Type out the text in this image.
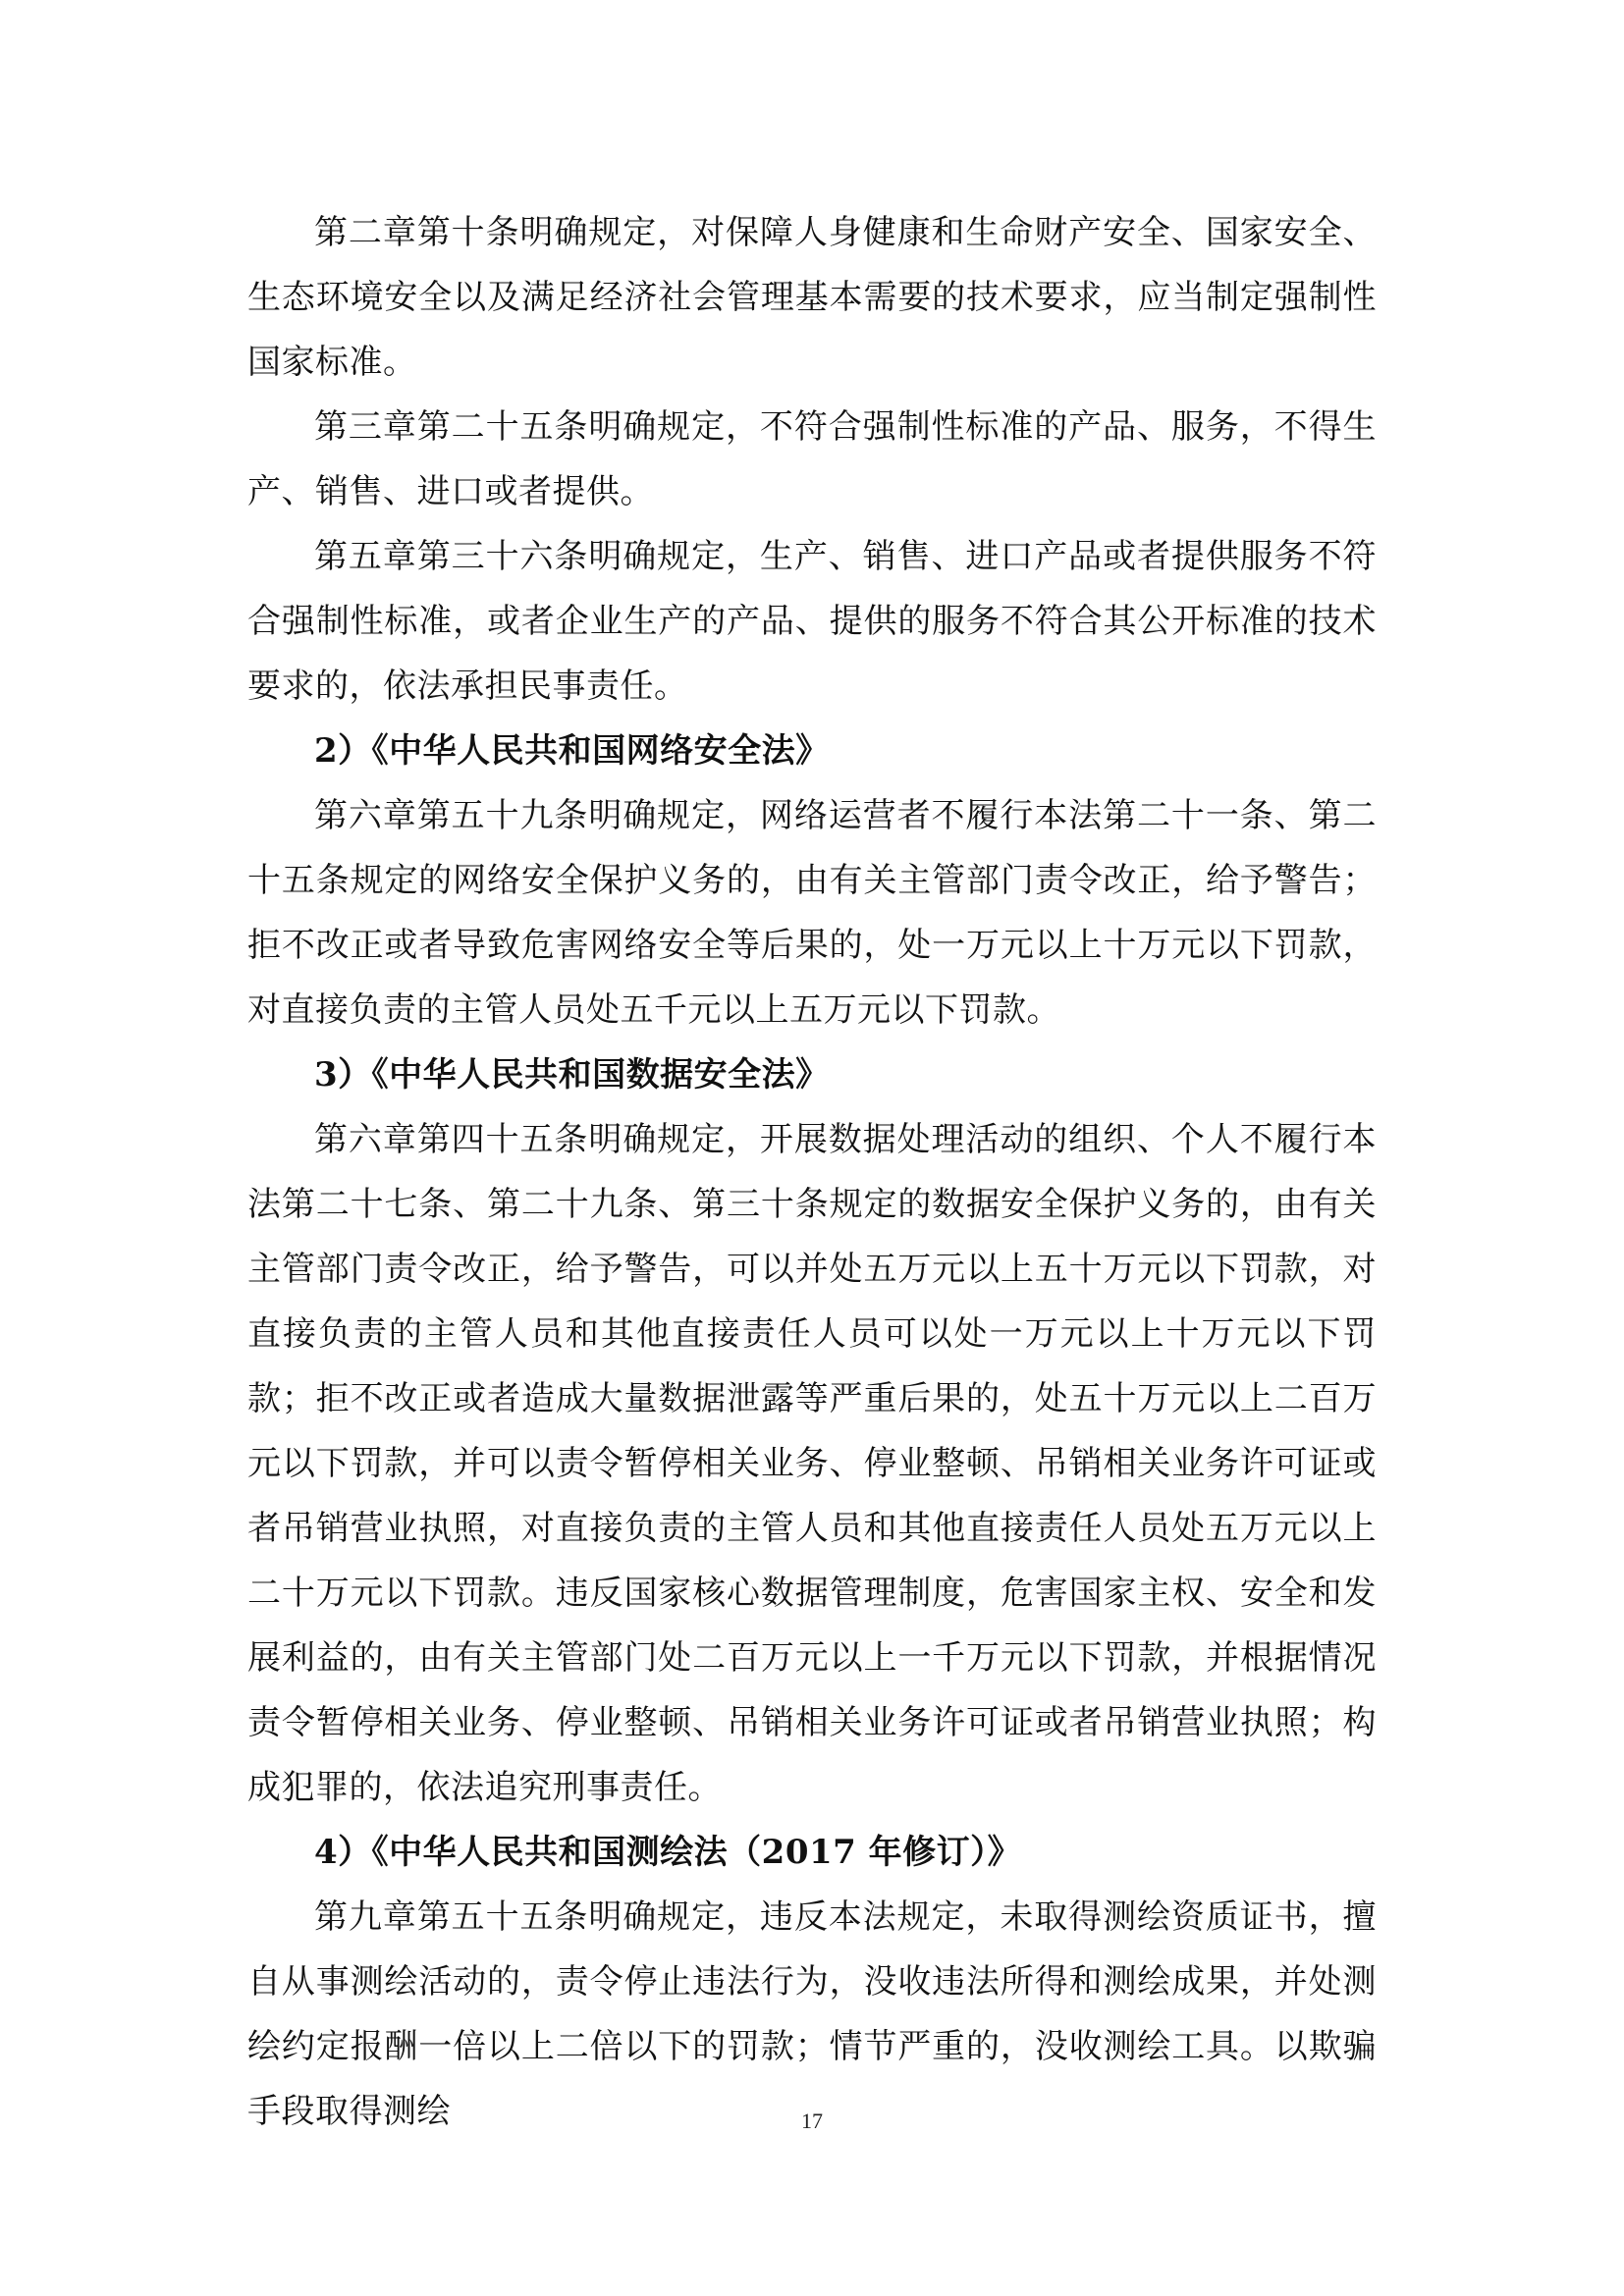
第二章第十条明确规定，对保障人身健康和生命财产安全、国家安全、生态环境安全以及满足经济社会管理基本需要的技术要求，应当制定强制性国家标准。

第三章第二十五条明确规定，不符合强制性标准的产品、服务，不得生产、销售、进口或者提供。

第五章第三十六条明确规定，生产、销售、进口产品或者提供服务不符合强制性标准，或者企业生产的产品、提供的服务不符合其公开标准的技术要求的，依法承担民事责任。

2）《中华人民共和国网络安全法》

第六章第五十九条明确规定，网络运营者不履行本法第二十一条、第二十五条规定的网络安全保护义务的，由有关主管部门责令改正，给予警告；拒不改正或者导致危害网络安全等后果的，处一万元以上十万元以下罚款，对直接负责的主管人员处五千元以上五万元以下罚款。

3）《中华人民共和国数据安全法》

第六章第四十五条明确规定，开展数据处理活动的组织、个人不履行本法第二十七条、第二十九条、第三十条规定的数据安全保护义务的，由有关主管部门责令改正，给予警告，可以并处五万元以上五十万元以下罚款，对直接负责的主管人员和其他直接责任人员可以处一万元以上十万元以下罚款；拒不改正或者造成大量数据泄露等严重后果的，处五十万元以上二百万元以下罚款，并可以责令暂停相关业务、停业整顿、吊销相关业务许可证或者吊销营业执照，对直接负责的主管人员和其他直接责任人员处五万元以上二十万元以下罚款。违反国家核心数据管理制度，危害国家主权、安全和发展利益的，由有关主管部门处二百万元以上一千万元以下罚款，并根据情况责令暂停相关业务、停业整顿、吊销相关业务许可证或者吊销营业执照；构成犯罪的，依法追究刑事责任。

4）《中华人民共和国测绘法（2017 年修订）》

第九章第五十五条明确规定，违反本法规定，未取得测绘资质证书，擅自从事测绘活动的，责令停止违法行为，没收违法所得和测绘成果，并处测绘约定报酬一倍以上二倍以下的罚款；情节严重的，没收测绘工具。以欺骗手段取得测绘	17
